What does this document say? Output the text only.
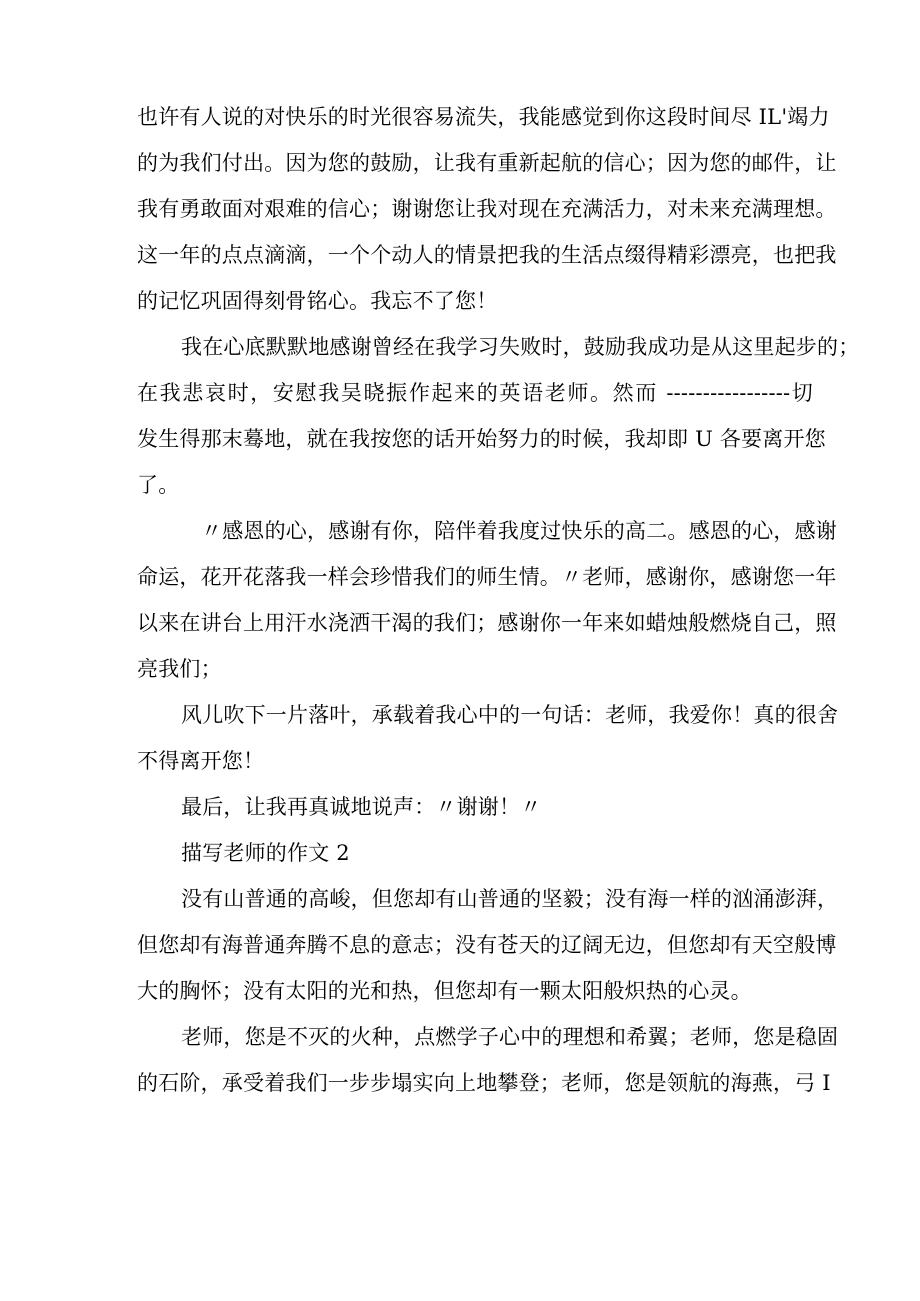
也许有人说的对快乐的时光很容易流失，我能感觉到你这段时间尽 IL'竭力
的为我们付出。因为您的鼓励，让我有重新起航的信心；因为您的邮件，让
我有勇敢面对艰难的信心；谢谢您让我对现在充满活力，对未来充满理想。
这一年的点点滴滴，一个个动人的情景把我的生活点缀得精彩漂亮，也把我
的记忆巩固得刻骨铭心。我忘不了您！
我在心底默默地感谢曾经在我学习失败时，鼓励我成功是从这里起步的；
在我悲哀时，安慰我吴晓振作起来的英语老师。然而 -----------------切
发生得那末蓦地，就在我按您的话开始努力的时候，我却即 U 各要离开您
了。
〃感恩的心，感谢有你，陪伴着我度过快乐的高二。感恩的心，感谢
命运，花开花落我一样会珍惜我们的师生情。〃老师，感谢你，感谢您一年
以来在讲台上用汗水浇洒干渴的我们；感谢你一年来如蜡烛般燃烧自己，照
亮我们；
风儿吹下一片落叶，承载着我心中的一句话：老师，我爱你！真的很舍
不得离开您！
最后，让我再真诚地说声：〃谢谢！〃
描写老师的作文 2
没有山普通的高峻，但您却有山普通的坚毅；没有海一样的汹涌澎湃，
但您却有海普通奔腾不息的意志；没有苍天的辽阔无边，但您却有天空般博
大的胸怀；没有太阳的光和热，但您却有一颗太阳般炽热的心灵。
老师，您是不灭的火种，点燃学子心中的理想和希翼；老师，您是稳固
的石阶，承受着我们一步步塌实向上地攀登；老师，您是领航的海燕，弓 I
